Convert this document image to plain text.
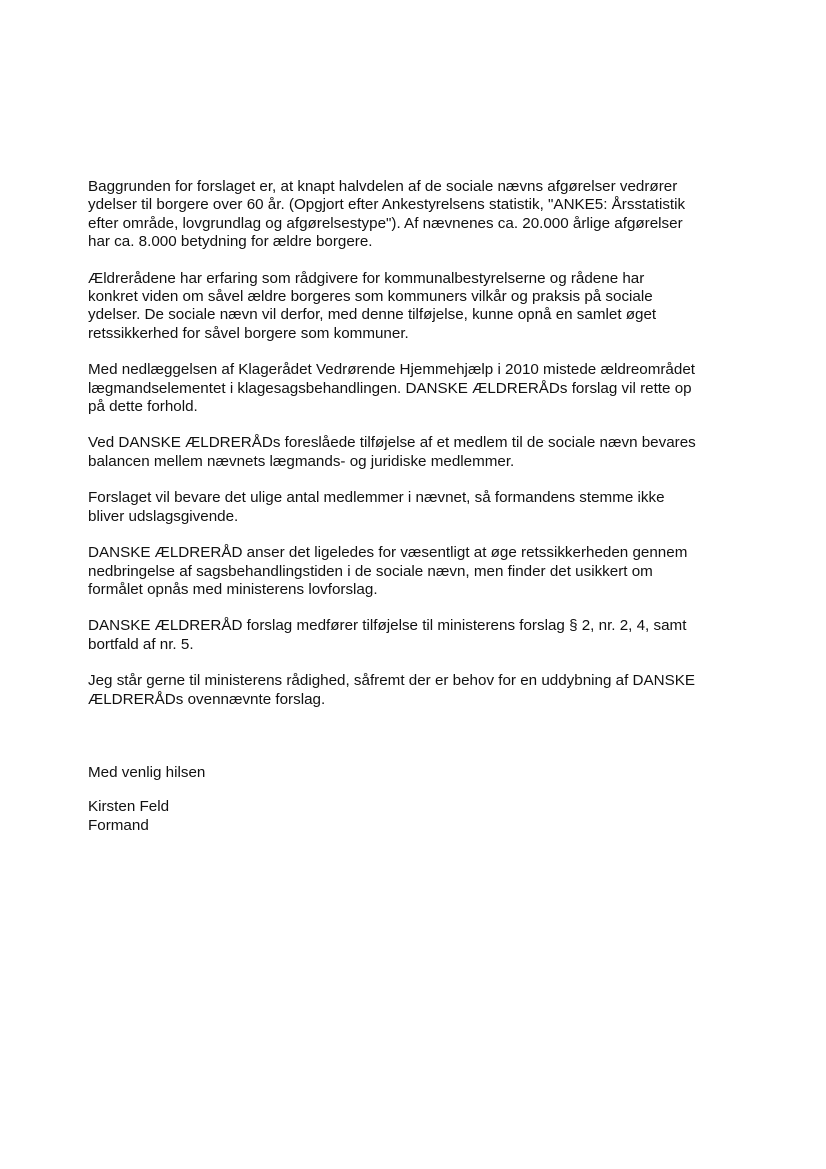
Baggrunden for forslaget er, at knapt halvdelen af de sociale nævns afgørelser vedrører
ydelser til borgere over 60 år. (Opgjort efter Ankestyrelsens statistik, "ANKE5: Årsstatistik
efter område, lovgrundlag og afgørelsestype"). Af nævnenes ca. 20.000 årlige afgørelser
har ca. 8.000 betydning for ældre borgere.

Ældrerådene har erfaring som rådgivere for kommunalbestyrelserne og rådene har
konkret viden om såvel ældre borgeres som kommuners vilkår og praksis på sociale
ydelser. De sociale nævn vil derfor, med denne tilføjelse, kunne opnå en samlet øget
retssikkerhed for såvel borgere som kommuner.

Med nedlæggelsen af Klagerådet Vedrørende Hjemmehjælp i 2010 mistede ældreområdet
lægmandselementet i klagesagsbehandlingen. DANSKE ÆLDRERÅDs forslag vil rette op
på dette forhold.

Ved DANSKE ÆLDRERÅDs foreslåede tilføjelse af et medlem til de sociale nævn bevares
balancen mellem nævnets lægmands- og juridiske medlemmer.

Forslaget vil bevare det ulige antal medlemmer i nævnet, så formandens stemme ikke
bliver udslagsgivende.

DANSKE ÆLDRERÅD anser det ligeledes for væsentligt at øge retssikkerheden gennem
nedbringelse af sagsbehandlingstiden i de sociale nævn, men finder det usikkert om
formålet opnås med ministerens lovforslag.

DANSKE ÆLDRERÅD forslag medfører tilføjelse til ministerens forslag § 2, nr. 2, 4, samt
bortfald af nr. 5.

Jeg står gerne til ministerens rådighed, såfremt der er behov for en uddybning af DANSKE
ÆLDRERÅDs ovennævnte forslag.

Med venlig hilsen

Kirsten Feld

Formand
